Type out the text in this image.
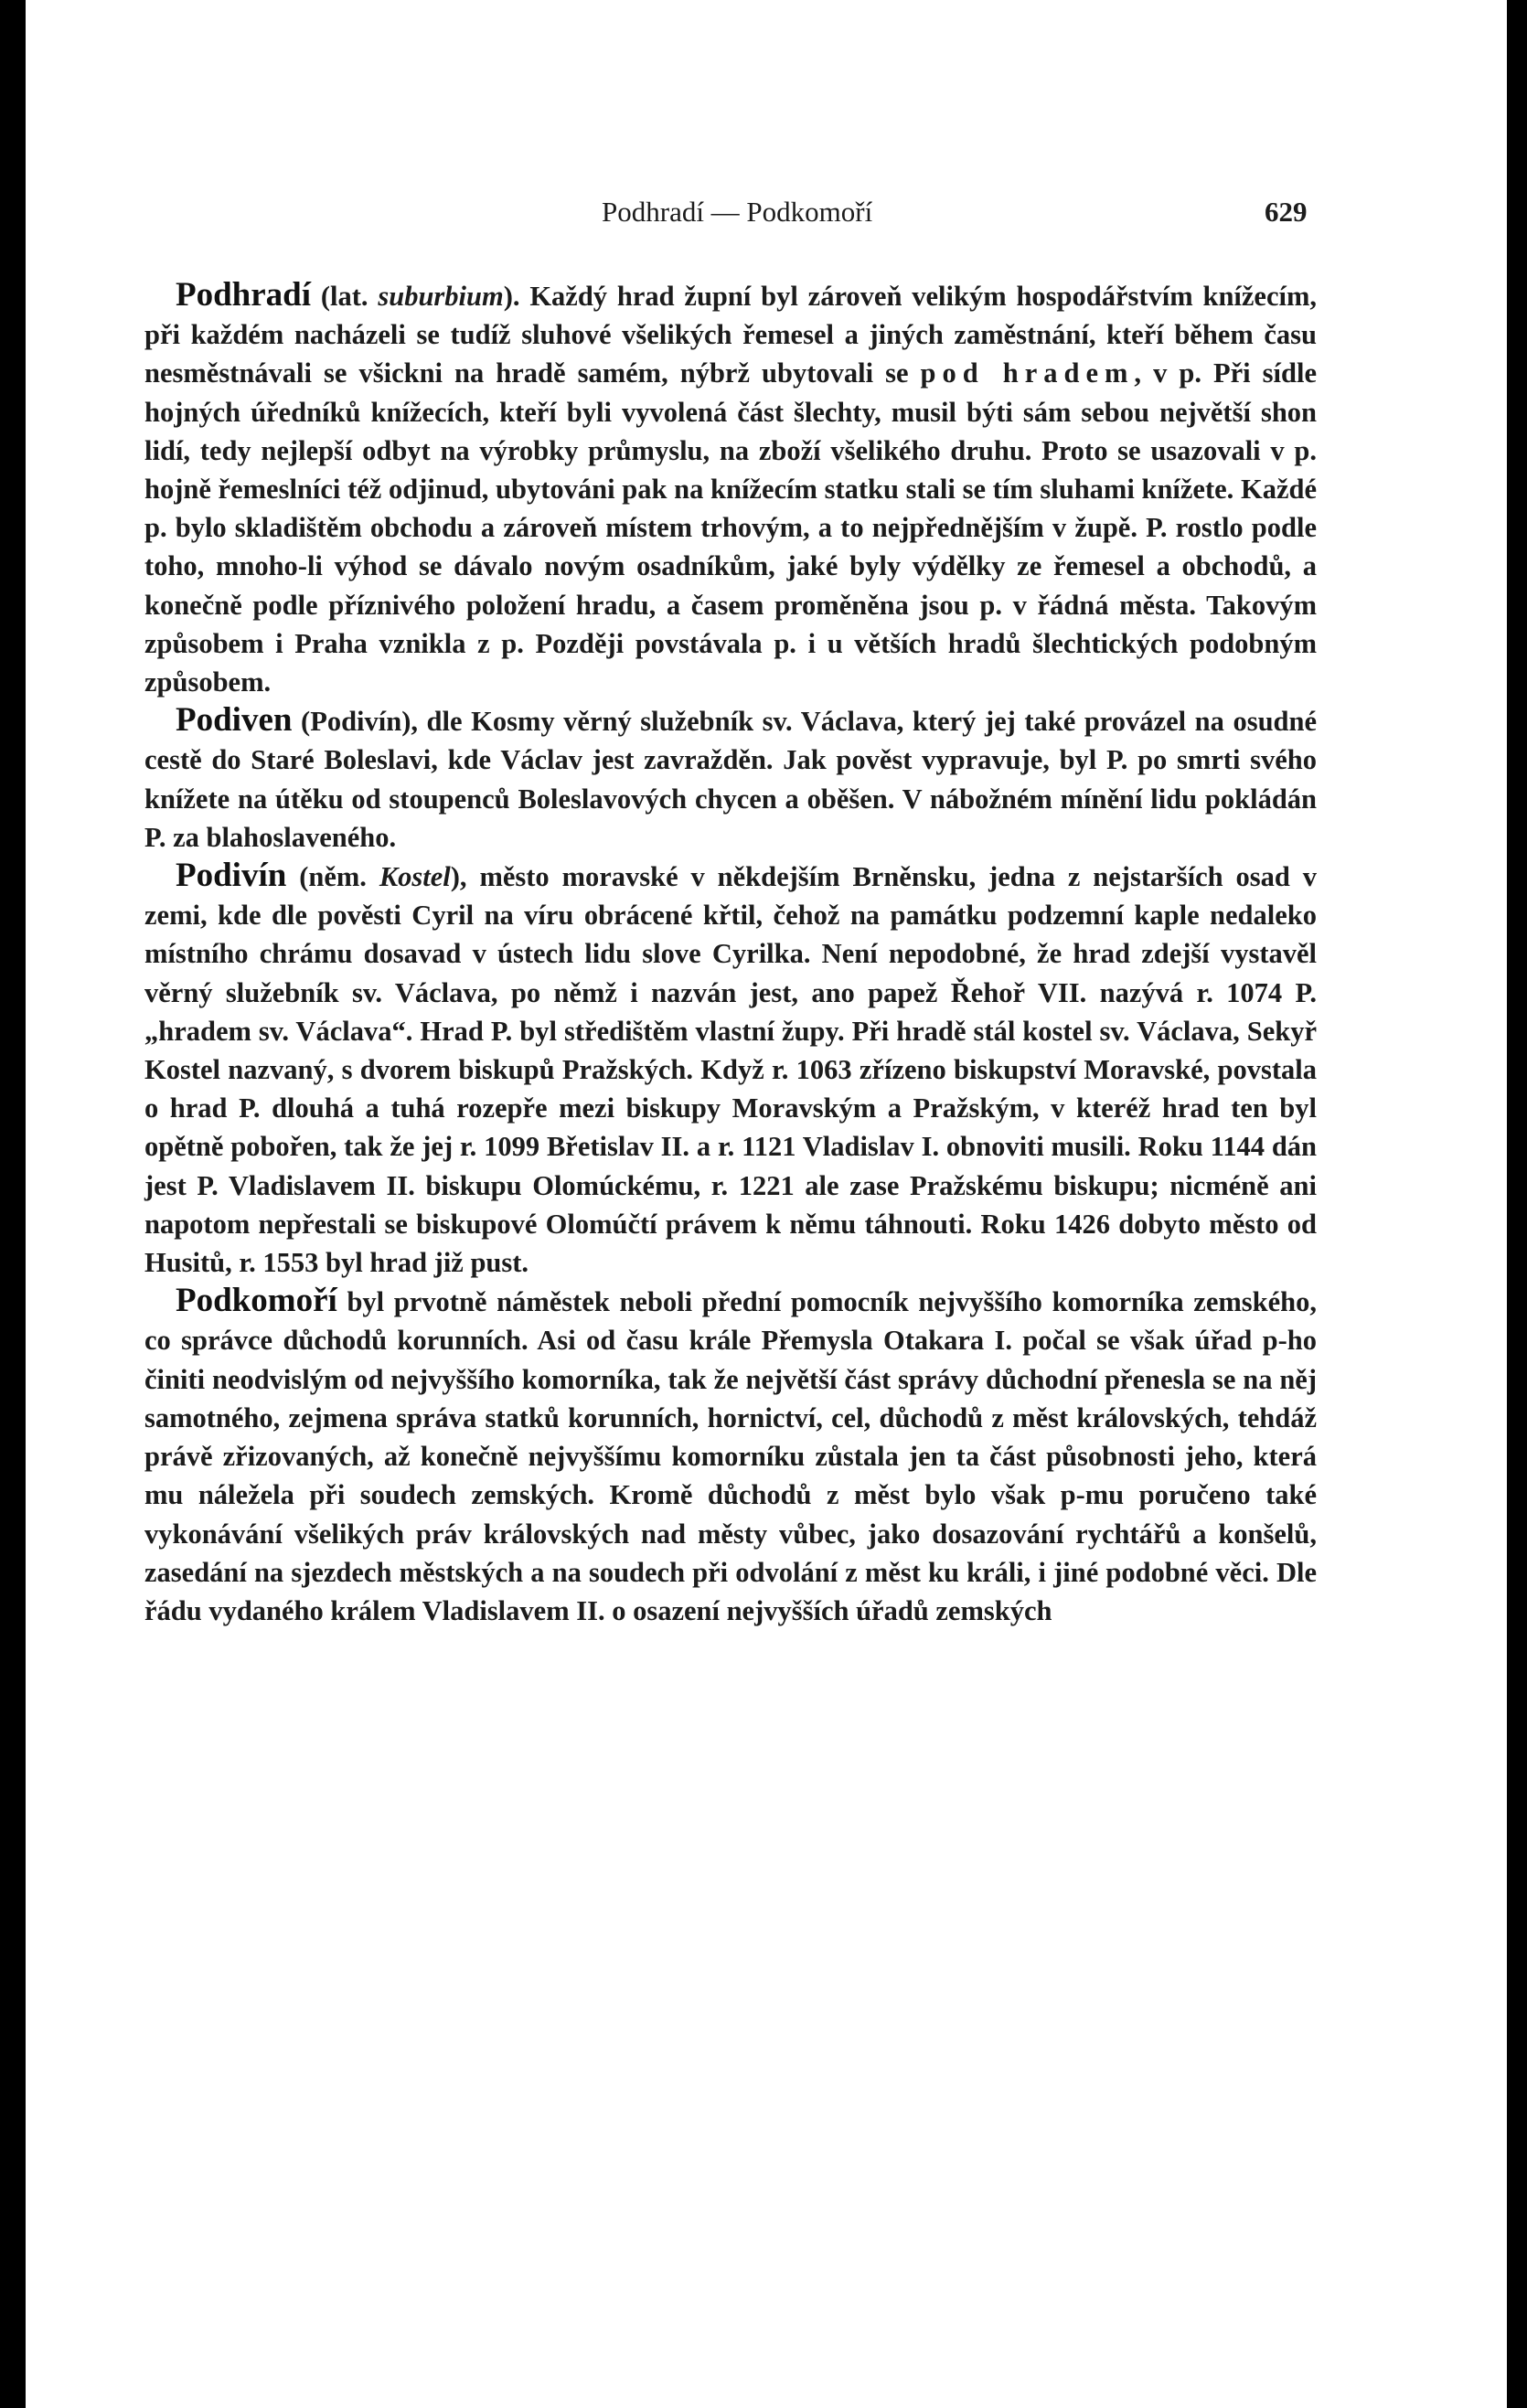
Podhradí — Podkomoří	629

Podhradí (lat. suburbium). Každý hrad župní byl zároveň velikým hospodářstvím knížecím, při každém nacházeli se tudíž sluhové všelikých řemesel a jiných zaměstnání, kteří během času nesměstnávali se všickni na hradě samém, nýbrž ubytovali se pod hradem, v p. Při sídle hojných úředníků knížecích, kteří byli vyvolená část šlechty, musil býti sám sebou největší shon lidí, tedy nejlepší odbyt na výrobky průmyslu, na zboží všelikého druhu. Proto se usazovali v p. hojně řemeslníci též odjinud, ubytováni pak na knížecím statku stali se tím sluhami knížete. Každé p. bylo skladištěm obchodu a zároveň místem trhovým, a to nejpřednějším v župě. P. rostlo podle toho, mnoho-li výhod se dávalo novým osadníkům, jaké byly výdělky ze řemesel a obchodů, a konečně podle příznivého položení hradu, a časem proměněna jsou p. v řádná města. Takovým způsobem i Praha vznikla z p. Později povstávala p. i u větších hradů šlechtických podobným způsobem.

Podiven (Podivín), dle Kosmy věrný služebník sv. Václava, který jej také provázel na osudné cestě do Staré Boleslavi, kde Václav jest zavražděn. Jak pověst vypravuje, byl P. po smrti svého knížete na útěku od stoupenců Boleslavových chycen a oběšen. V nábožném mínění lidu pokládán P. za blahoslaveného.

Podivín (něm. Kostel), město moravské v někdejším Brněnsku, jedna z nejstarších osad v zemi, kde dle pověsti Cyril na víru obrácené křtil, čehož na památku podzemní kaple nedaleko místního chrámu dosavad v ústech lidu slove Cyrilka. Není nepodobné, že hrad zdejší vystavěl věrný služebník sv. Václava, po němž i nazván jest, ano papež Řehoř VII. nazývá r. 1074 P. „hradem sv. Václava“. Hrad P. byl středištěm vlastní župy. Při hradě stál kostel sv. Václava, Sekyř Kostel nazvaný, s dvorem biskupů Pražských. Když r. 1063 zřízeno biskupství Moravské, povstala o hrad P. dlouhá a tuhá rozepře mezi biskupy Moravským a Pražským, v kteréž hrad ten byl opětně pobořen, tak že jej r. 1099 Břetislav II. a r. 1121 Vladislav I. obnoviti musili. Roku 1144 dán jest P. Vladislavem II. biskupu Olomúckému, r. 1221 ale zase Pražskému biskupu; nicméně ani napotom nepřestali se biskupové Olomúčtí právem k němu táhnouti. Roku 1426 dobyto město od Husitů, r. 1553 byl hrad již pust.

Podkomoří byl prvotně náměstek neboli přední pomocník nejvyššího komorníka zemského, co správce důchodů korunních. Asi od času krále Přemysla Otakara I. počal se však úřad p-ho činiti neodvislým od nejvyššího komorníka, tak že největší část správy důchodní přenesla se na něj samotného, zejmena správa statků korunních, hornictví, cel, důchodů z měst královských, tehdáž právě zřizovaných, až konečně nejvyššímu komorníku zůstala jen ta část působnosti jeho, která mu náležela při soudech zemských. Kromě důchodů z měst bylo však p-mu poručeno také vykonávání všelikých práv královských nad městy vůbec, jako dosazování rychtářů a konšelů, zasedání na sjezdech městských a na soudech při odvolání z měst ku králi, i jiné podobné věci. Dle řádu vydaného králem Vladislavem II. o osazení nejvyšších úřadů zemských
